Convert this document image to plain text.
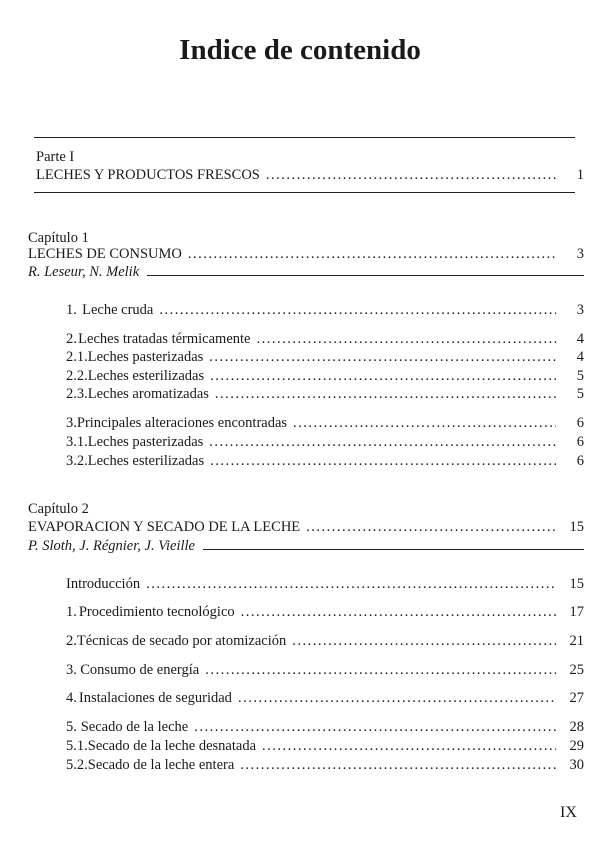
Indice de contenido
Parte I
LECHES Y PRODUCTOS FRESCOS .....	1
Capítulo 1
LECHES DE CONSUMO .....	3
R. Leseur, N. Melik
1. Leche cruda .....	3
2. Leches tratadas térmicamente .....	4
2.1. Leches pasterizadas .....	4
2.2. Leches esterilizadas .....	5
2.3. Leches aromatizadas .....	5
3. Principales alteraciones encontradas .....	6
3.1. Leches pasterizadas .....	6
3.2. Leches esterilizadas .....	6
Capítulo 2
EVAPORACION Y SECADO DE LA LECHE .....	15
P. Sloth, J. Régnier, J. Vieille
Introducción .....	15
1. Procedimiento tecnológico .....	17
2. Técnicas de secado por atomización .....	21
3. Consumo de energía .....	25
4. Instalaciones de seguridad .....	27
5. Secado de la leche .....	28
5.1. Secado de la leche desnatada .....	29
5.2. Secado de la leche entera .....	30
IX
